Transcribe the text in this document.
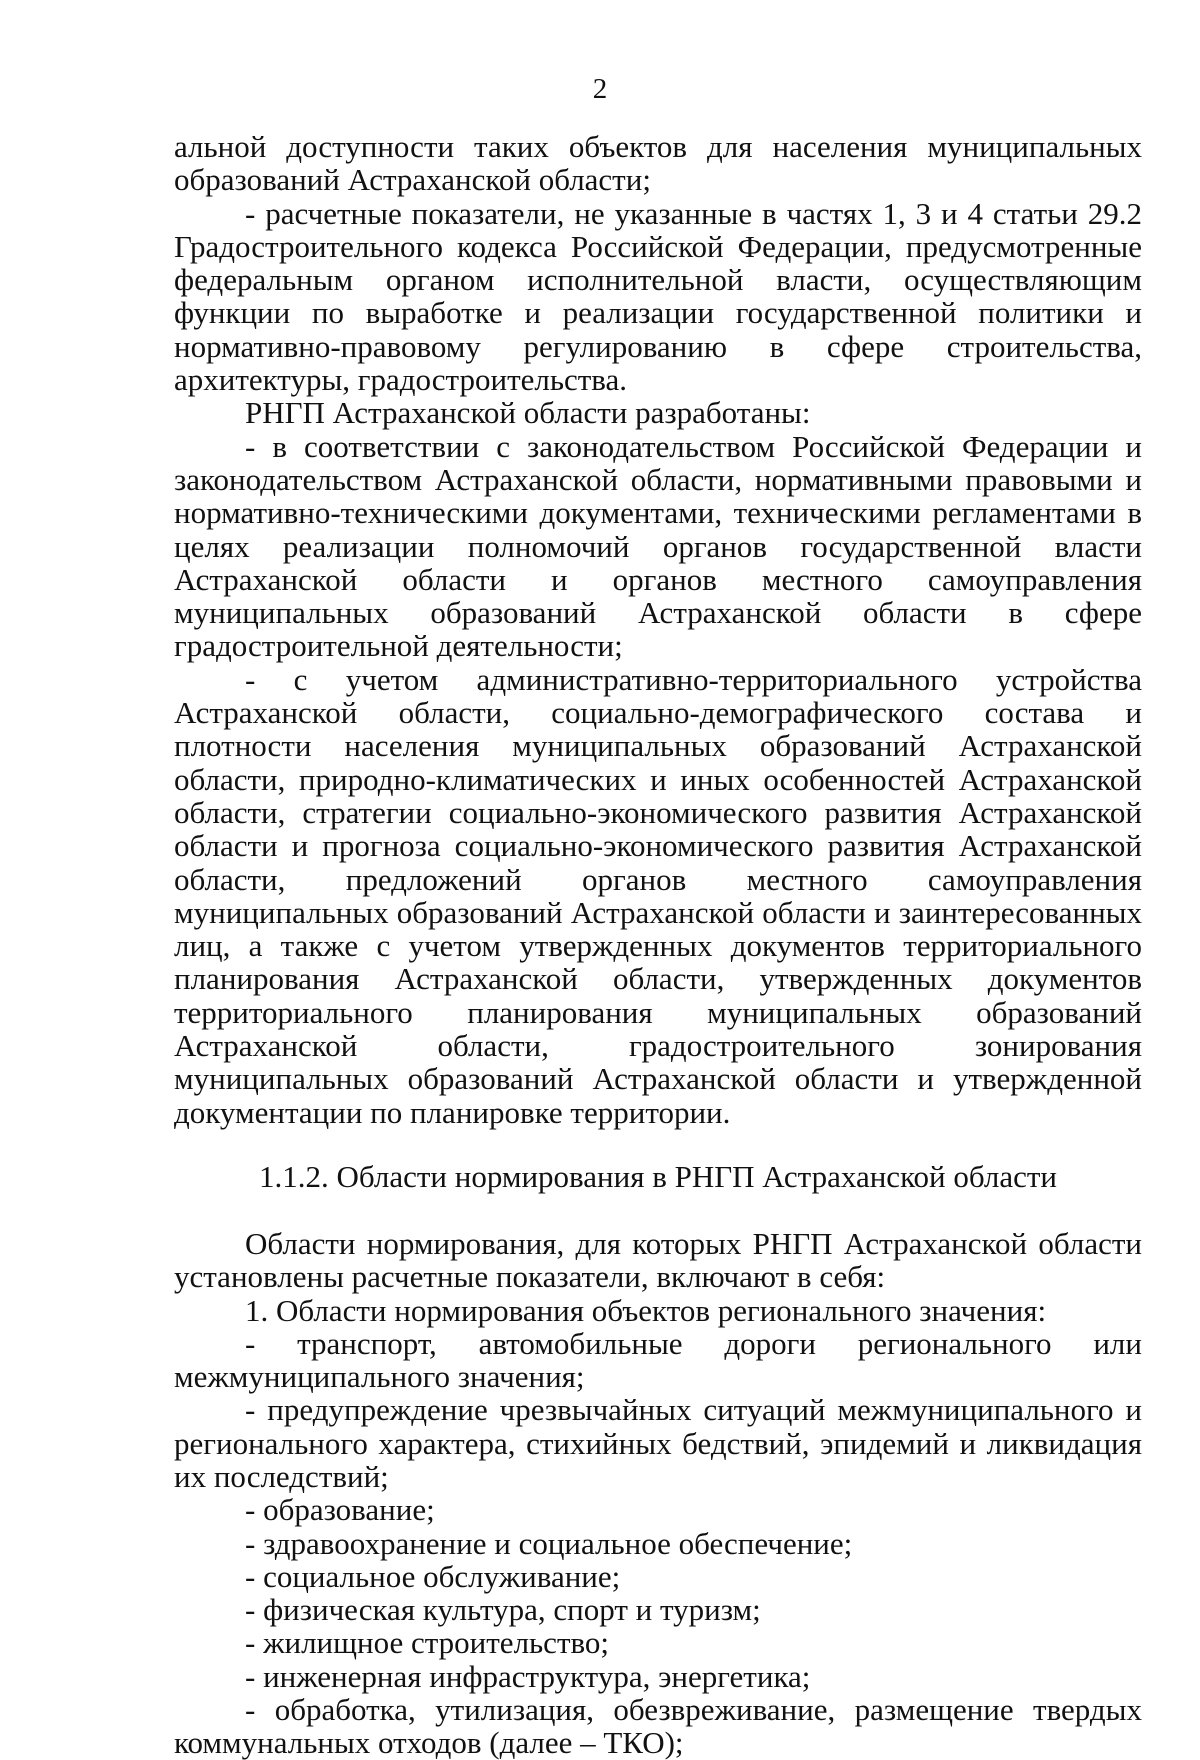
2

альной доступности таких объектов для населения муниципальных образований Астраханской области;

- расчетные показатели, не указанные в частях 1, 3 и 4 статьи 29.2 Градостроительного кодекса Российской Федерации, предусмотренные федеральным органом исполнительной власти, осуществляющим функции по выработке и реализации государственной политики и нормативно-правовому регулированию в сфере строительства, архитектуры, градостроительства.

РНГП Астраханской области разработаны:

- в соответствии с законодательством Российской Федерации и законодательством Астраханской области, нормативными правовыми и нормативно-техническими документами, техническими регламентами в целях реализации полномочий органов государственной власти Астраханской области и органов местного самоуправления муниципальных образований Астраханской области в сфере градостроительной деятельности;

- с учетом административно-территориального устройства Астраханской области, социально-демографического состава и плотности населения муниципальных образований Астраханской области, природно-климатических и иных особенностей Астраханской области, стратегии социально-экономического развития Астраханской области и прогноза социально-экономического развития Астраханской области, предложений органов местного самоуправления муниципальных образований Астраханской области и заинтересованных лиц, а также с учетом утвержденных документов территориального планирования Астраханской области, утвержденных документов территориального планирования муниципальных образований Астраханской области, градостроительного зонирования муниципальных образований Астраханской области и утвержденной документации по планировке территории.

1.1.2. Области нормирования в РНГП Астраханской области

Области нормирования, для которых РНГП Астраханской области установлены расчетные показатели, включают в себя:

1. Области нормирования объектов регионального значения:

- транспорт, автомобильные дороги регионального или межмуниципального значения;

- предупреждение чрезвычайных ситуаций межмуниципального и регионального характера, стихийных бедствий, эпидемий и ликвидация их последствий;

- образование;

- здравоохранение и социальное обеспечение;

- социальное обслуживание;

- физическая культура, спорт и туризм;

- жилищное строительство;

- инженерная инфраструктура, энергетика;

- обработка, утилизация, обезвреживание, размещение твердых коммунальных отходов (далее – ТКО);
